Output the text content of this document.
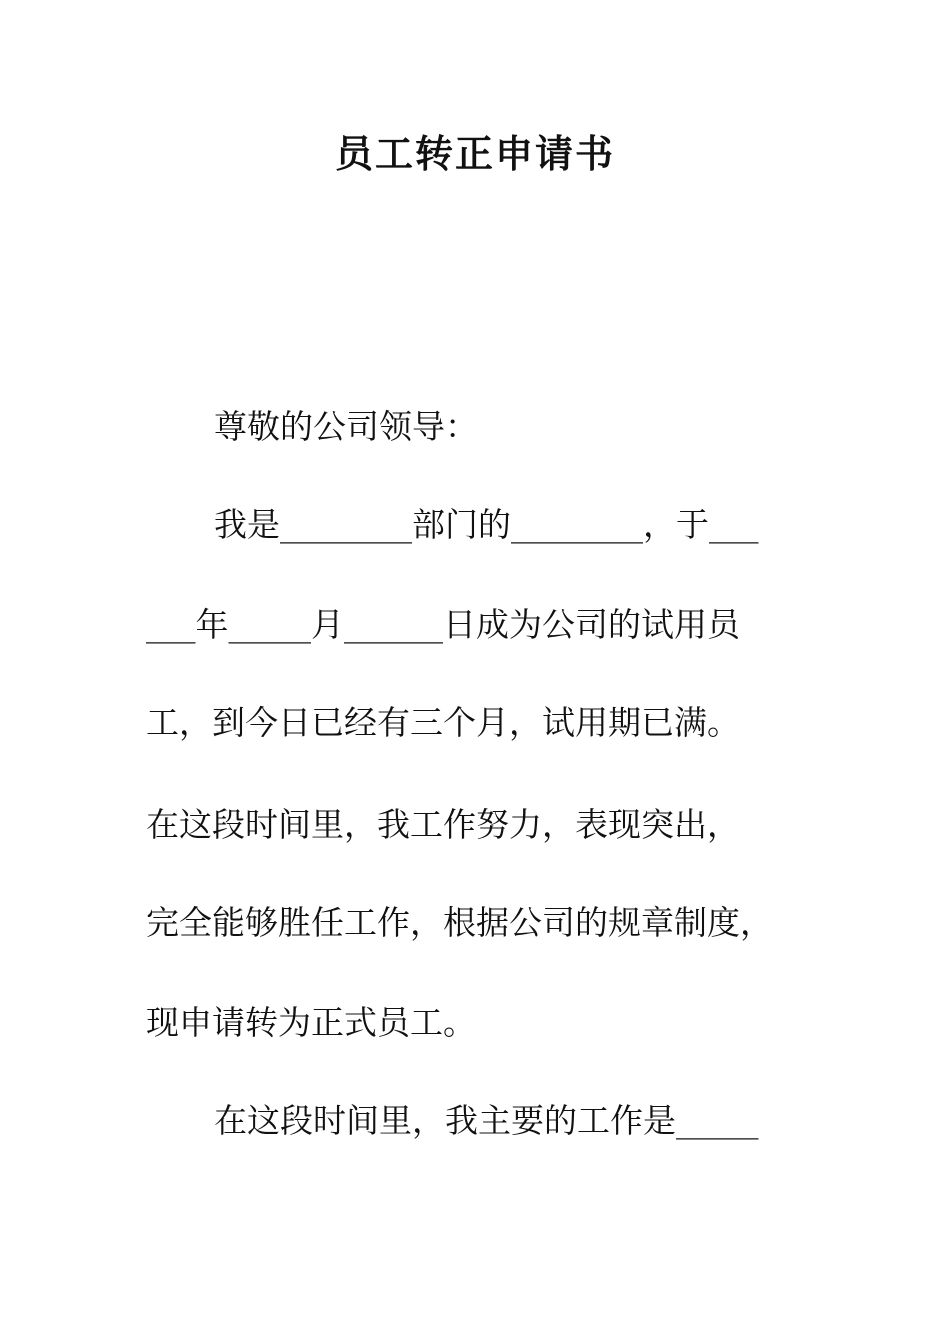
员工转正申请书

尊敬的公司领导：

我是________部门的________，于___

___年_____月______日成为公司的试用员

工，到今日已经有三个月，试用期已满。

在这段时间里，我工作努力，表现突出，

完全能够胜任工作，根据公司的规章制度，

现申请转为正式员工。

在这段时间里，我主要的工作是_____
